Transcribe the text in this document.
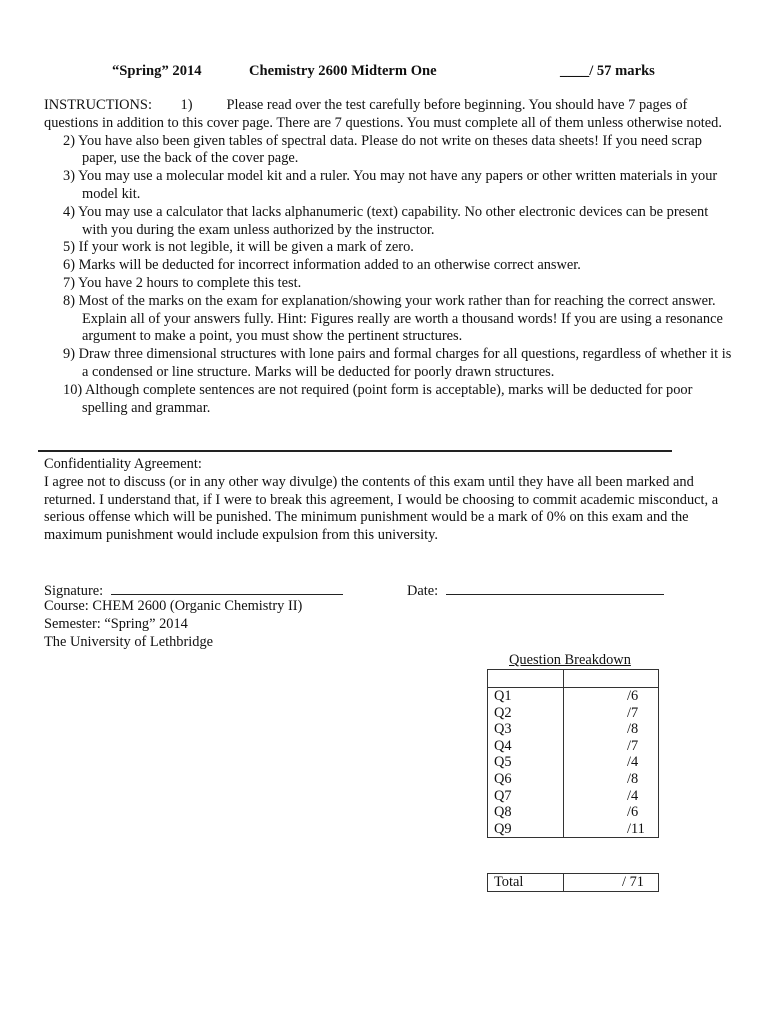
“Spring” 2014	Chemistry 2600 Midterm One	____/ 57 marks

INSTRUCTIONS: 1) Please read over the test carefully before beginning. You should have 7 pages of questions in addition to this cover page. There are 7 questions. You must complete all of them unless otherwise noted.

2) You have also been given tables of spectral data. Please do not write on theses data sheets! If you need scrap paper, use the back of the cover page.

3) You may use a molecular model kit and a ruler. You may not have any papers or other written materials in your model kit.

4) You may use a calculator that lacks alphanumeric (text) capability. No other electronic devices can be present with you during the exam unless authorized by the instructor.

5) If your work is not legible, it will be given a mark of zero.

6) Marks will be deducted for incorrect information added to an otherwise correct answer.

7) You have 2 hours to complete this test.

8) Most of the marks on the exam for explanation/showing your work rather than for reaching the correct answer. Explain all of your answers fully. Hint: Figures really are worth a thousand words! If you are using a resonance argument to make a point, you must show the pertinent structures.

9) Draw three dimensional structures with lone pairs and formal charges for all questions, regardless of whether it is a condensed or line structure. Marks will be deducted for poorly drawn structures.

10) Although complete sentences are not required (point form is acceptable), marks will be deducted for poor spelling and grammar.

Confidentiality Agreement:

I agree not to discuss (or in any other way divulge) the contents of this exam until they have all been marked and returned. I understand that, if I were to break this agreement, I would be choosing to commit academic misconduct, a serious offense which will be punished. The minimum punishment would be a mark of 0% on this exam and the maximum punishment would include expulsion from this university.

Signature:	Date:

Course: CHEM 2600 (Organic Chemistry II)

Semester: “Spring” 2014

The University of Lethbridge

Question Breakdown

Q1	/6
Q2	/7
Q3	/8
Q4	/7
Q5	/4
Q6	/8
Q7	/4
Q8	/6
Q9	/11
Total	/ 71
